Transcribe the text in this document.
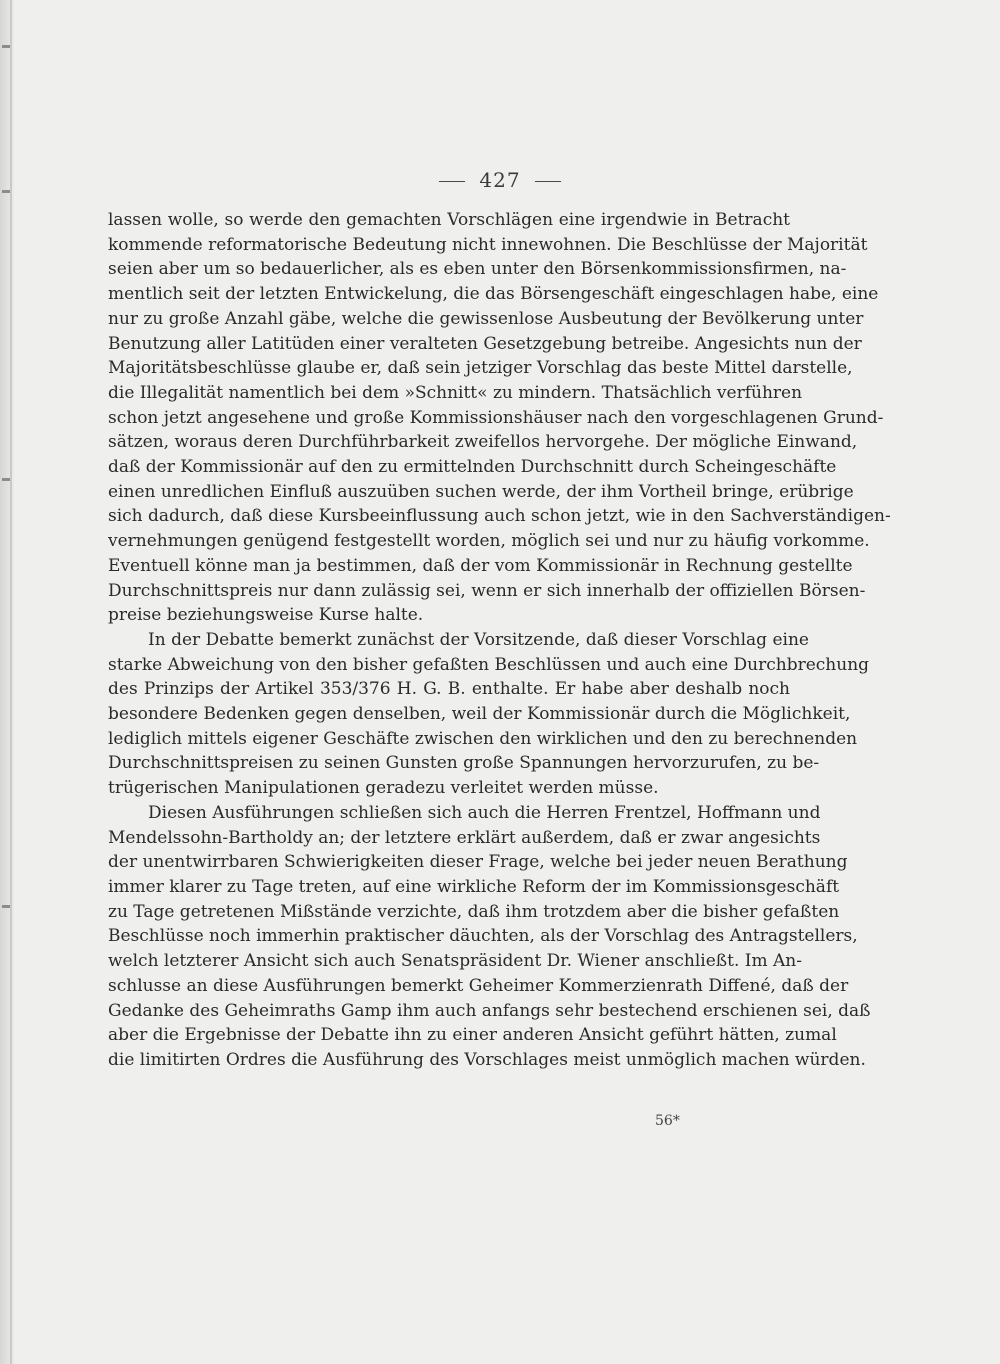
427
lassen wolle, so werde den gemachten Vorschlägen eine irgendwie in Betracht
kommende reformatorische Bedeutung nicht innewohnen. Die Beschlüsse der Majorität
seien aber um so bedauerlicher, als es eben unter den Börsenkommissionsfirmen, na-
mentlich seit der letzten Entwickelung, die das Börsengeschäft eingeschlagen habe, eine
nur zu große Anzahl gäbe, welche die gewissenlose Ausbeutung der Bevölkerung unter
Benutzung aller Latitüden einer veralteten Gesetzgebung betreibe. Angesichts nun der
Majoritätsbeschlüsse glaube er, daß sein jetziger Vorschlag das beste Mittel darstelle,
die Illegalität namentlich bei dem »Schnitt« zu mindern. Thatsächlich verführen
schon jetzt angesehene und große Kommissionshäuser nach den vorgeschlagenen Grund-
sätzen, woraus deren Durchführbarkeit zweifellos hervorgehe. Der mögliche Einwand,
daß der Kommissionär auf den zu ermittelnden Durchschnitt durch Scheingeschäfte
einen unredlichen Einfluß auszuüben suchen werde, der ihm Vortheil bringe, erübrige
sich dadurch, daß diese Kursbeeinflussung auch schon jetzt, wie in den Sachverständigen-
vernehmungen genügend festgestellt worden, möglich sei und nur zu häufig vorkomme.
Eventuell könne man ja bestimmen, daß der vom Kommissionär in Rechnung gestellte
Durchschnittspreis nur dann zulässig sei, wenn er sich innerhalb der offiziellen Börsen-
preise beziehungsweise Kurse halte.
In der Debatte bemerkt zunächst der Vorsitzende, daß dieser Vorschlag eine
starke Abweichung von den bisher gefaßten Beschlüssen und auch eine Durchbrechung
des Prinzips der Artikel 353/376 H. G. B. enthalte. Er habe aber deshalb noch
besondere Bedenken gegen denselben, weil der Kommissionär durch die Möglichkeit,
lediglich mittels eigener Geschäfte zwischen den wirklichen und den zu berechnenden
Durchschnittspreisen zu seinen Gunsten große Spannungen hervorzurufen, zu be-
trügerischen Manipulationen geradezu verleitet werden müsse.
Diesen Ausführungen schließen sich auch die Herren Frentzel, Hoffmann und
Mendelssohn-Bartholdy an; der letztere erklärt außerdem, daß er zwar angesichts
der unentwirrbaren Schwierigkeiten dieser Frage, welche bei jeder neuen Berathung
immer klarer zu Tage treten, auf eine wirkliche Reform der im Kommissionsgeschäft
zu Tage getretenen Mißstände verzichte, daß ihm trotzdem aber die bisher gefaßten
Beschlüsse noch immerhin praktischer däuchten, als der Vorschlag des Antragstellers,
welch letzterer Ansicht sich auch Senatspräsident Dr. Wiener anschließt. Im An-
schlusse an diese Ausführungen bemerkt Geheimer Kommerzienrath Diffené, daß der
Gedanke des Geheimraths Gamp ihm auch anfangs sehr bestechend erschienen sei, daß
aber die Ergebnisse der Debatte ihn zu einer anderen Ansicht geführt hätten, zumal
die limitirten Ordres die Ausführung des Vorschlages meist unmöglich machen würden.
56*
